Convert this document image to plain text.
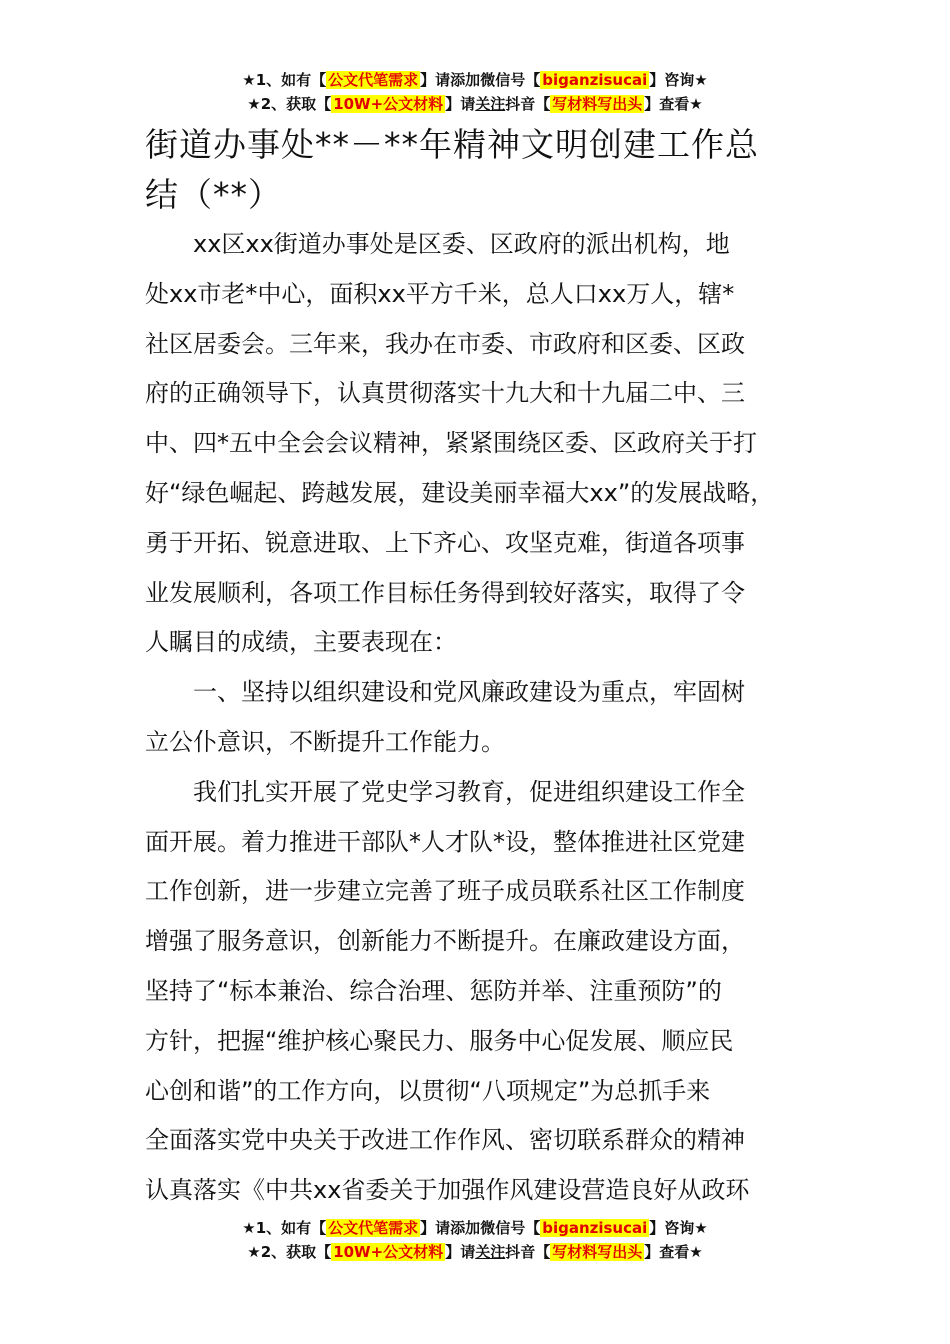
★1、如有【 公文代笔需求 】请添加微信号【 biganzisucai 】咨询★
★2、获取【 10W+公文材料 】请关注抖音【 写材料写出头 】查看★
街道办事处**－**年精神文明创建工作总
结（**）

xx区xx街道办事处是区委、区政府的派出机构，地
处xx市老*中心，面积xx平方千米，总人口xx万人，辖*
社区居委会。三年来，我办在市委、市政府和区委、区政
府的正确领导下，认真贯彻落实十九大和十九届二中、三
中、四*五中全会会议精神，紧紧围绕区委、区政府关于打
好“绿色崛起、跨越发展，建设美丽幸福大xx”的发展战略，
勇于开拓、锐意进取、上下齐心、攻坚克难，街道各项事
业发展顺利，各项工作目标任务得到较好落实，取得了令
人瞩目的成绩，主要表现在：

一、坚持以组织建设和党风廉政建设为重点，牢固树
立公仆意识，不断提升工作能力。

我们扎实开展了党史学习教育，促进组织建设工作全
面开展。着力推进干部队*人才队*设，整体推进社区党建
工作创新，进一步建立完善了班子成员联系社区工作制度
增强了服务意识，创新能力不断提升。在廉政建设方面，
坚持了“标本兼治、综合治理、惩防并举、注重预防”的
方针，把握“维护核心聚民力、服务中心促发展、顺应民
心创和谐”的工作方向，以贯彻“八项规定”为总抓手来
全面落实党中央关于改进工作作风、密切联系群众的精神
认真落实《中共xx省委关于加强作风建设营造良好从政环

★1、如有【 公文代笔需求 】请添加微信号【 biganzisucai 】咨询★
★2、获取【 10W+公文材料 】请关注抖音【 写材料写出头 】查看★
